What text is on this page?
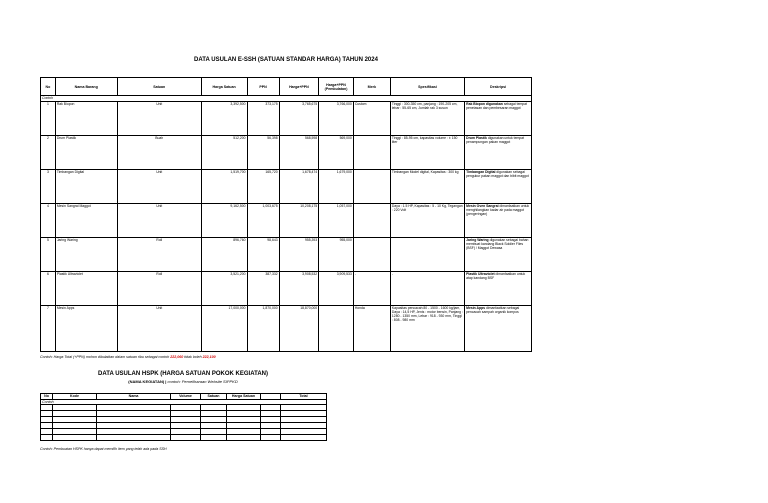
DATA USULAN E-SSH (SATUAN STANDAR HARGA) TAHUN 2024
No	Nama Barang	Satuan	Harga Satuan	PPN	Harga+PPN	Harga+PPN (Pembulatan)	Merk	Spesifikasi	Deskripsi
Contoh									
1	Rak Biopon	Unit	3,392,500	373,175	3,765,675	3,766,000	Custom	Tinggi : 300-350 cm, panjang : 190-205 cm, lebar : 55-65 cm, Jumlah rak 3 susun	Rak Biopon digunakan sebagai tempat penetasan dan pembesaran maggot
2	Drum Plastik	Buah	512,200	56,398	568,598	569,000		Tinggi : 85-95 cm, kapasitas volume : ± 150 liter	Drum Plastik digunakan untuk tempat penampungan pakan maggot
3	Timbangan Digital	Unit	1,519,700	165,720	1,678,474	1,679,000		Timbangan Model digital, Kapasitas : 300 kg	Timbangan Digital digunakan sebagai pengukur pakan maggot dan bibit maggot
4	Mesin Sangrai Maggot	Unit	9,162,500	1,003,675	10,208,175	1,057,000		Daya : 1.5 HP, Kapasitas : 5 - 10 Kg, Tegangan : 220 Volt	Mesin Oven Sangrai dimanfaatkan untuk menghilangkan kadar air pada maggot (pengeringan)
5	Jaring Waring	Roll	896,760	98,643	955,393	955,000			Jaring Waring digunakan sebagai bahan membuat kandang Black Soldier Flies (BSF) / Maggot Dewasa
6	Plastik Ultraviolet	Roll	3,521,200	387,332	3,908,532	3,909,533	-	-	Plastik Ultraviolet dimanfaatkan untuk atap kandang BSF
7	Mesin Apps	Unit	17,000,000	1,870,000	18,870,000		Honda	Kapasitas pencacah 80 - 1500 - 1600 kg/jam, Daya : 14,5 HP, Jenis : motor bensin, Panjang : 1280 - 1350 mm, Lebar : 918 - 930 mm, Tinggi : 808 - 980 mm	Mesin Apps dimanfaatkan sebagai pencacah sampah organik kompos
Contoh: Harga Total (+PPN) mohon dibulatkan dalam satuan ribu sebagai contoh 222,060 tidak boleh 222,100
DATA USULAN HSPK (HARGA SATUAN POKOK KEGIATAN)
(NAMA KEGIATAN) | contoh: Pemeliharaan Website SIPPKD
No	Kode	Nama	Volume	Satuan	Harga Satuan		Total
Contoh							

Contoh: Pembuatan HSPK hanya dapat memilih item yang telah ada pada SSH
